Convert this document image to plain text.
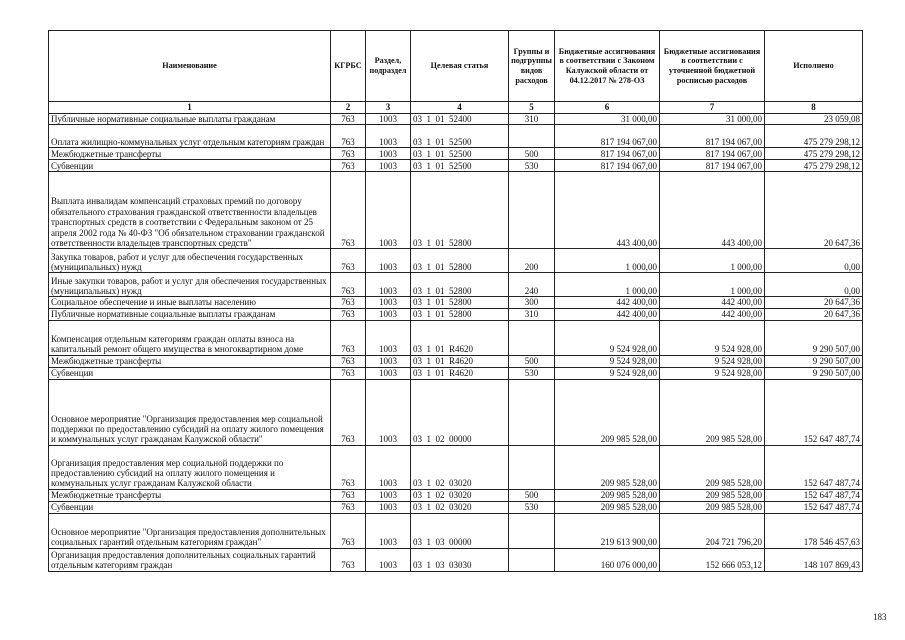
Наименование	КГРБС	Раздел, подраздел	Целевая статья	Группы и подгруппы видов расходов	Бюджетные ассигнования в соответствии с Законом Калужской области от 04.12.2017 № 278-ОЗ	Бюджетные ассигнования в соответствии с уточненной бюджетной росписью расходов	Исполнено
1	2	3	4	5	6	7	8
Публичные нормативные социальные выплаты гражданам	763	1003	03  1  01  52400	310	31 000,00	31 000,00	23 059,08
Оплата жилищно-коммунальных услуг отдельным категориям граждан	763	1003	03  1  01  52500		817 194 067,00	817 194 067,00	475 279 298,12
Межбюджетные трансферты	763	1003	03  1  01  52500	500	817 194 067,00	817 194 067,00	475 279 298,12
Субвенции	763	1003	03  1  01  52500	530	817 194 067,00	817 194 067,00	475 279 298,12
Выплата инвалидам компенсаций страховых премий по договору обязательного страхования гражданской ответственности владельцев транспортных средств в соответствии с Федеральным законом от 25 апреля 2002 года № 40-ФЗ "Об обязательном страховании гражданской ответственности владельцев транспортных средств"	763	1003	03  1  01  52800		443 400,00	443 400,00	20 647,36
Закупка товаров, работ и услуг для обеспечения государственных (муниципальных) нужд	763	1003	03  1  01  52800	200	1 000,00	1 000,00	0,00
Иные закупки товаров, работ и услуг для обеспечения государственных (муниципальных) нужд	763	1003	03  1  01  52800	240	1 000,00	1 000,00	0,00
Социальное обеспечение и иные выплаты населению	763	1003	03  1  01  52800	300	442 400,00	442 400,00	20 647,36
Публичные нормативные социальные выплаты гражданам	763	1003	03  1  01  52800	310	442 400,00	442 400,00	20 647,36
Компенсация отдельным категориям граждан оплаты взноса на капитальный ремонт общего имущества в многоквартирном доме	763	1003	03  1  01  R4620		9 524 928,00	9 524 928,00	9 290 507,00
Межбюджетные трансферты	763	1003	03  1  01  R4620	500	9 524 928,00	9 524 928,00	9 290 507,00
Субвенции	763	1003	03  1  01  R4620	530	9 524 928,00	9 524 928,00	9 290 507,00
Основное мероприятие "Организация предоставления мер социальной поддержки по предоставлению субсидий на оплату жилого помещения и коммунальных услуг гражданам Калужской области"	763	1003	03  1  02  00000		209 985 528,00	209 985 528,00	152 647 487,74
Организация предоставления мер социальной поддержки по предоставлению субсидий на оплату жилого помещения и коммунальных услуг гражданам Калужской области	763	1003	03  1  02  03020		209 985 528,00	209 985 528,00	152 647 487,74
Межбюджетные трансферты	763	1003	03  1  02  03020	500	209 985 528,00	209 985 528,00	152 647 487,74
Субвенции	763	1003	03  1  02  03020	530	209 985 528,00	209 985 528,00	152 647 487,74
Основное мероприятие "Организация предоставления дополнительных социальных гарантий отдельным категориям граждан"	763	1003	03  1  03  00000		219 613 900,00	204 721 796,20	178 546 457,63
Организация предоставления дополнительных социальных гарантий отдельным категориям граждан	763	1003	03  1  03  03030		160 076 000,00	152 666 053,12	148 107 869,43
183
